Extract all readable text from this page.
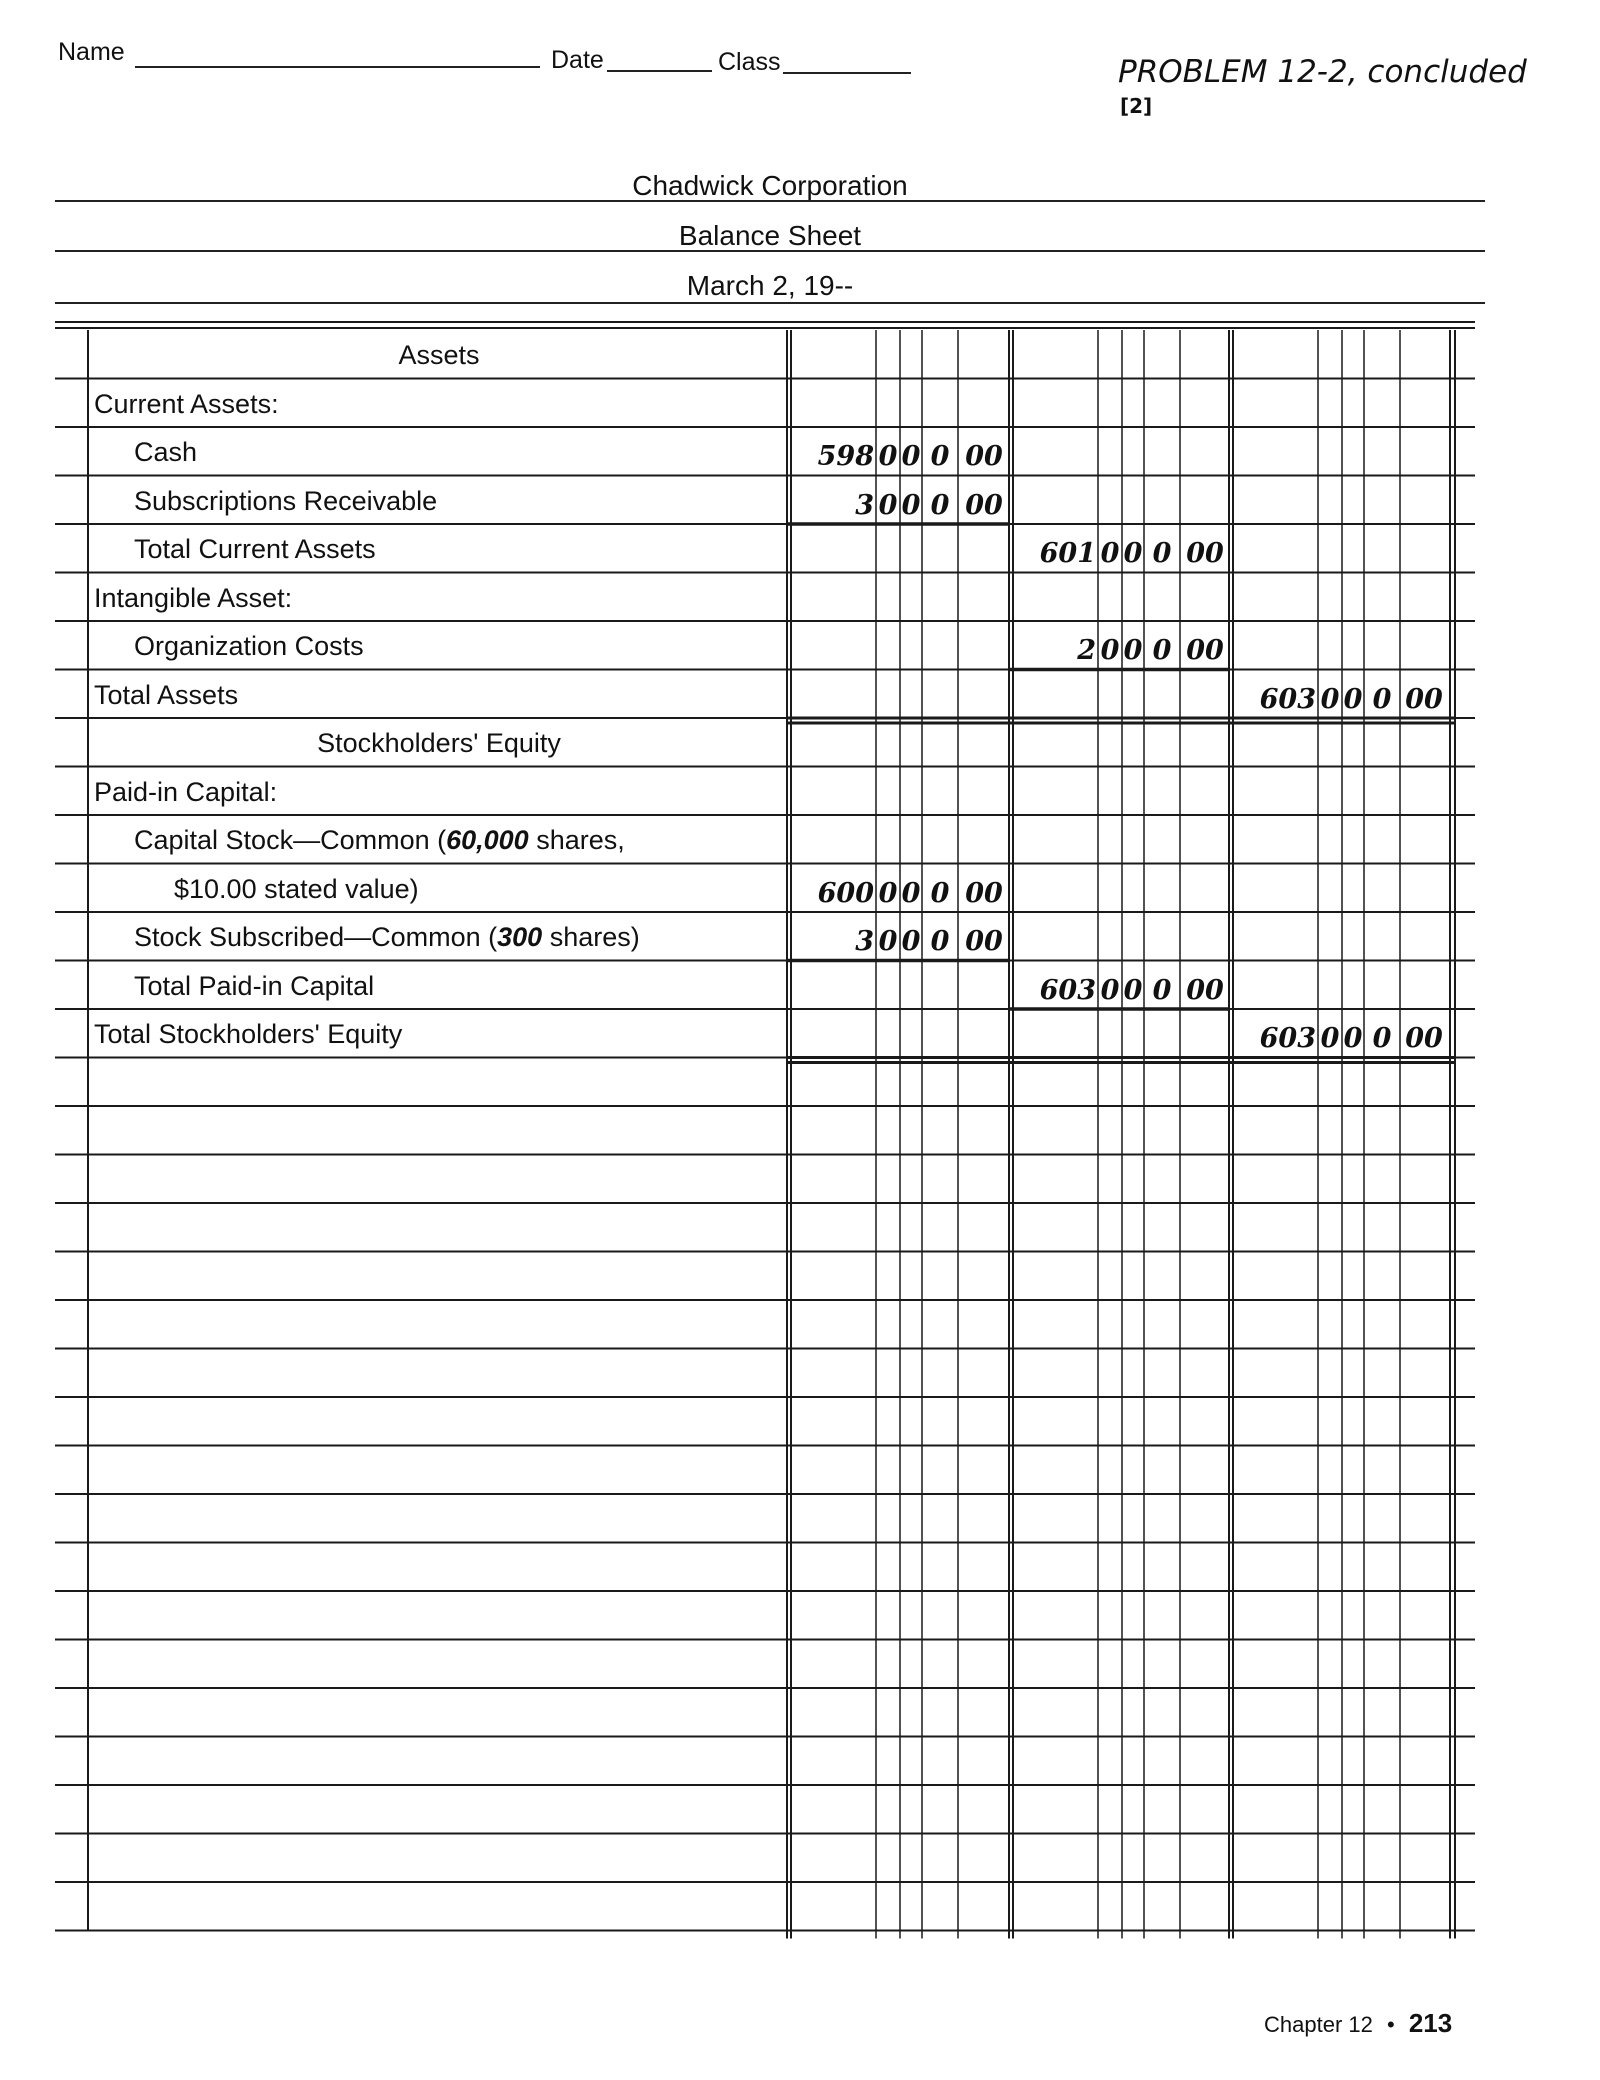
Name	Date	Class	PROBLEM 12-2, concluded
[2]
Chadwick Corporation
Balance Sheet
March 2, 19--
Assets
Current Assets:
Cash	598 0 0 0 00
Subscriptions Receivable	3 0 0 0 00
Total Current Assets	601 0 0 0 00
Intangible Asset:
Organization Costs	2 0 0 0 00
Total Assets	603 0 0 0 00
Stockholders' Equity
Paid-in Capital:
Capital Stock—Common (60,000 shares,
$10.00 stated value)	600 0 0 0 00
Stock Subscribed—Common (300 shares)	3 0 0 0 00
Total Paid-in Capital	603 0 0 0 00
Total Stockholders' Equity	603 0 0 0 00
Chapter 12 • 213
